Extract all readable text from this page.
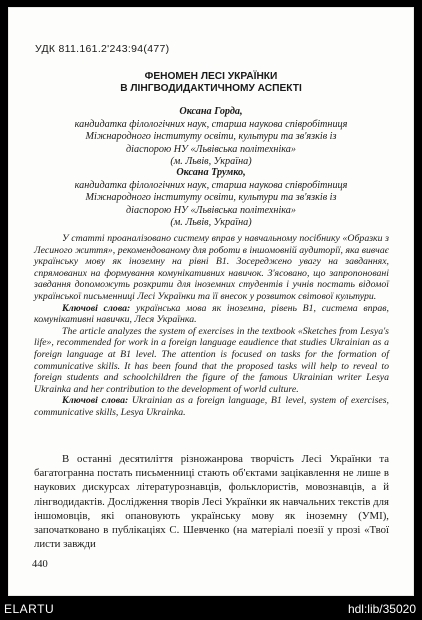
УДК 811.161.2'243:94(477)
ФЕНОМЕН ЛЕСІ УКРАЇНКИ
В ЛІНГВОДИДАКТИЧНОМУ АСПЕКТІ
Оксана Горда,
кандидатка філологічних наук, старша наукова співробітниця
Міжнародного інституту освіти, культури та зв'язків із
діаспорою НУ «Львівська політехніка»
(м. Львів, Україна)
Оксана Трумко,
кандидатка філологічних наук, старша наукова співробітниця
Міжнародного інституту освіти, культури та зв'язків із
діаспорою НУ «Львівська політехніка»
(м. Львів, Україна)
У статті проаналізовано систему вправ у навчальному посібнику «Образки з Лесиного життя», рекомендованому для роботи в іншомовній аудиторії, яка вивчає українську мову як іноземну на рівні В1. Зосереджено увагу на завданнях, спрямованих на формування комунікативних навичок. З'ясовано, що запропоновані завдання допоможуть розкрити для іноземних студентів і учнів постать відомої української письменниці Лесі Українки та її внесок у розвиток світової культури.
Ключові слова: українська мова як іноземна, рівень В1, система вправ, комунікативні навички, Леся Українка.
The article analyzes the system of exercises in the textbook «Sketches from Lesya's life», recommended for work in a foreign language eaudience that studies Ukrainian as a foreign language at B1 level. The attention is focused on tasks for the formation of communicative skills. It has been found that the proposed tasks will help to reveal to foreign students and schoolchildren the figure of the famous Ukrainian writer Lesya Ukrainka and her contribution to the development of world culture.
Ключові слова: Ukrainian as a foreign language, B1 level, system of exercises, communicative skills, Lesya Ukrainka.

В останні десятиліття різножанрова творчість Лесі Українки та багатогранна постать письменниці стають об'єктами зацікавлення не лише в наукових дискурсах літературознавців, фольклористів, мовознавців, а й лінгводидактів. Дослідження творів Лесі Українки як навчальних текстів для іншомовців, які опановують українську мову як іноземну (УМІ), започатковано в публікаціях С. Шевченко (на матеріалі поезії у прозі «Твої листи завжди

440
ELARTU	hdl:lib/35020
